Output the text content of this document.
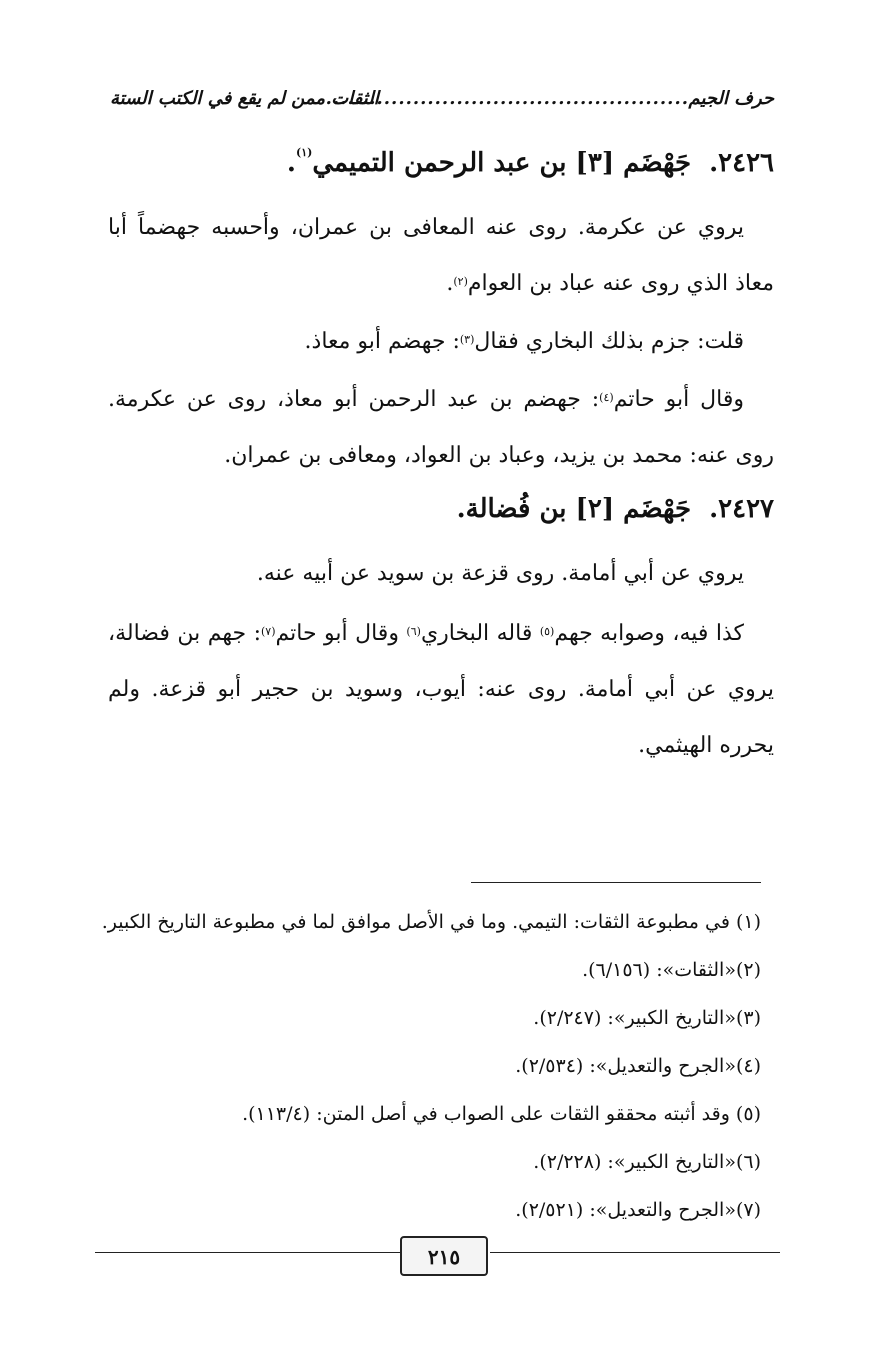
حرف الجيم
..................................................
الثقات ممن لم يقع في الكتب الستة
٢٤٢٦.جَهْضَم [٣] بن عبد الرحمن التميمي$^{(١)}$.

يروي عن عكرمة. روى عنه المعافى بن عمران، وأحسبه جهضماً أبا معاذ الذي روى عنه عباد بن العوام$^{(٢)}$.

قلت: جزم بذلك البخاري فقال$^{(٣)}$: جهضم أبو معاذ.

وقال أبو حاتم$^{(٤)}$: جهضم بن عبد الرحمن أبو معاذ، روى عن عكرمة. روى عنه: محمد بن يزيد، وعباد بن العواد، ومعافى بن عمران.

٢٤٢٧.جَهْضَم [٢] بن فُضالة.

يروي عن أبي أمامة. روى قزعة بن سويد عن أبيه عنه.

كذا فيه، وصوابه جهم$^{(٥)}$ قاله البخاري$^{(٦)}$ وقال أبو حاتم$^{(٧)}$: جهم بن فضالة، يروي عن أبي أمامة. روى عنه: أيوب، وسويد بن حجير أبو قزعة. ولم يحرره الهيثمي.

(١) في مطبوعة الثقات: التيمي. وما في الأصل موافق لما في مطبوعة التاريخ الكبير.
(٢)«الثقات»: (٦/١٥٦).
(٣)«التاريخ الكبير»: (٢/٢٤٧).
(٤)«الجرح والتعديل»: (٢/٥٣٤).
(٥) وقد أثبته محققو الثقات على الصواب في أصل المتن: (١١٣/٤).
(٦)«التاريخ الكبير»: (٢/٢٢٨).
(٧)«الجرح والتعديل»: (٢/٥٢١).
٢١٥
